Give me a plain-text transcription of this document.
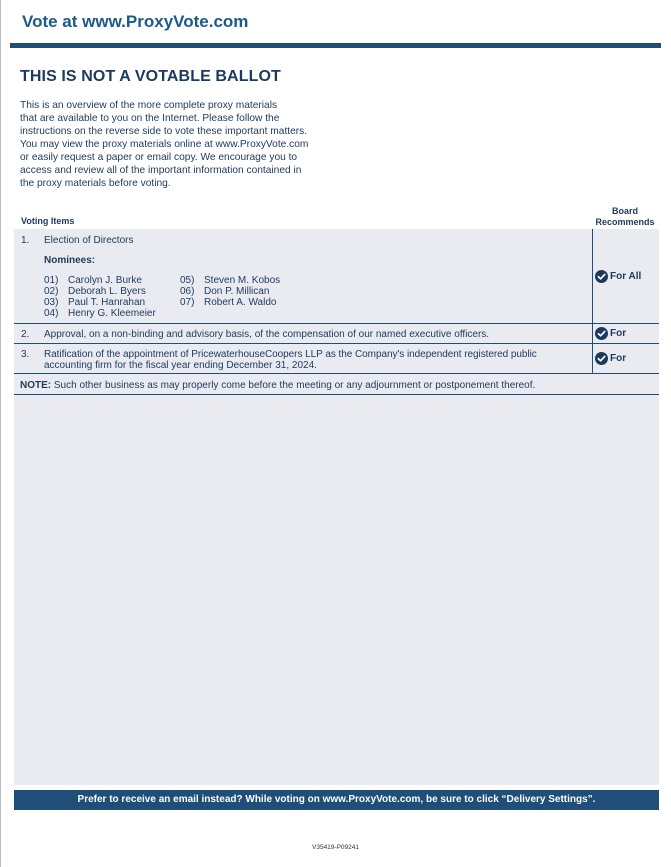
Vote at www.ProxyVote.com
THIS IS NOT A VOTABLE BALLOT
This is an overview of the more complete proxy materials
that are available to you on the Internet. Please follow the
instructions on the reverse side to vote these important matters.
You may view the proxy materials online at www.ProxyVote.com
or easily request a paper or email copy. We encourage you to
access and review all of the important information contained in
the proxy materials before voting.
Voting Items
Board
Recommends
1. Election of Directors
Nominees:
01) Carolyn J. Burke
02) Deborah L. Byers
03) Paul T. Hanrahan
04) Henry G. Kleemeier
05) Steven M. Kobos
06) Don P. Millican
07) Robert A. Waldo
For All
2. Approval, on a non-binding and advisory basis, of the compensation of our named executive officers.	For
3. Ratification of the appointment of PricewaterhouseCoopers LLP as the Company's independent registered public
accounting firm for the fiscal year ending December 31, 2024.
For
NOTE: Such other business as may properly come before the meeting or any adjournment or postponement thereof.
Prefer to receive an email instead? While voting on www.ProxyVote.com, be sure to click “Delivery Settings”.
V35419-P09241
